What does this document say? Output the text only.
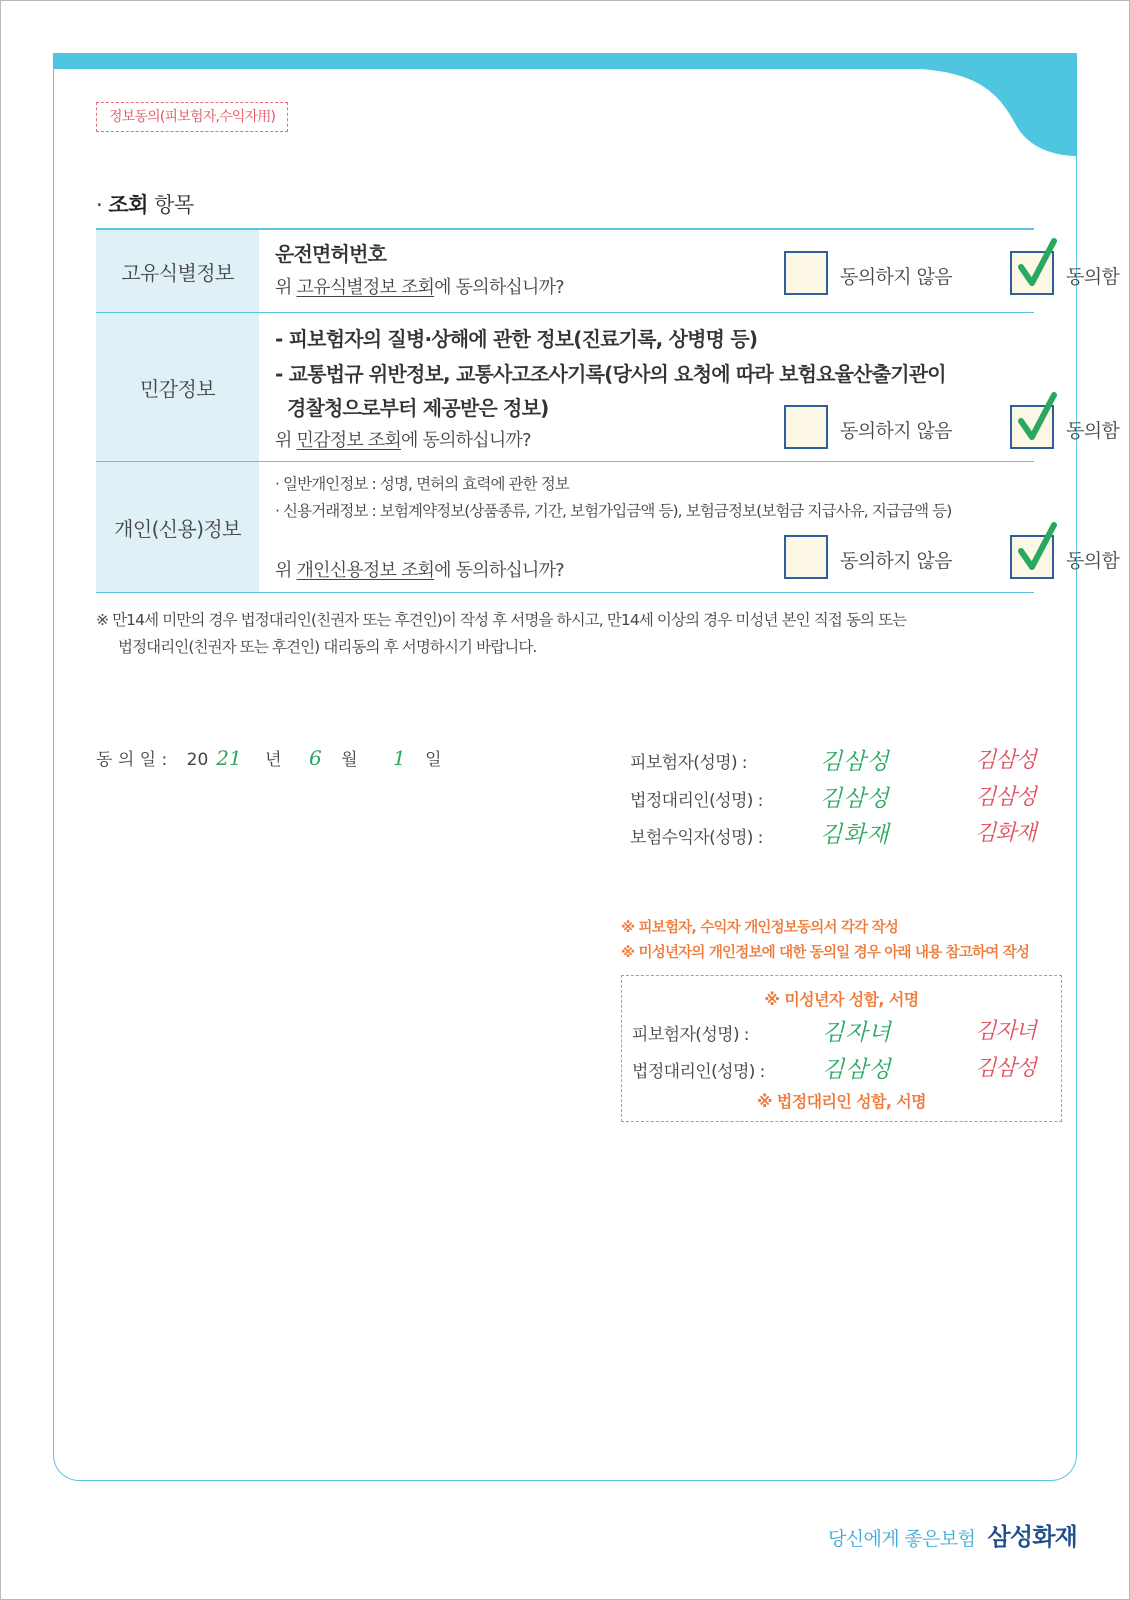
정보동의(피보험자,수익자用)
· 조회 항목
고유식별정보
운전면허번호
위 고유식별정보 조회에 동의하십니까?	동의하지 않음	동의함
민감정보
- 피보험자의 질병·상해에 관한 정보(진료기록, 상병명 등)
- 교통법규 위반정보, 교통사고조사기록(당사의 요청에 따라 보험요율산출기관이
경찰청으로부터 제공받은 정보)
위 민감정보 조회에 동의하십니까?	동의하지 않음	동의함
개인(신용)정보
· 일반개인정보 : 성명, 면허의 효력에 관한 정보
· 신용거래정보 : 보험계약정보(상품종류, 기간, 보험가입금액 등), 보험금정보(보험금 지급사유, 지급금액 등)
위 개인신용정보 조회에 동의하십니까?	동의하지 않음	동의함
※ 만14세 미만의 경우 법정대리인(친권자 또는 후견인)이 작성 후 서명을 하시고, 만14세 이상의 경우 미성년 본인 직접 동의 또는
법정대리인(친권자 또는 후견인) 대리동의 후 서명하시기 바랍니다.
동 의 일 : 20 21 년 6 월 1 일	피보험자(성명) :	김삼성	김삼성
법정대리인(성명) : 김삼성	김삼성
보험수익자(성명) : 김화재	김화재
※ 피보험자, 수익자 개인정보동의서 각각 작성
※ 미성년자의 개인정보에 대한 동의일 경우 아래 내용 참고하여 작성
※ 미성년자 성함, 서명
피보험자(성명) :	김자녀	김자녀
법정대리인(성명) : 김삼성	김삼성
※ 법정대리인 성함, 서명
당신에게 좋은보험 삼성화재
